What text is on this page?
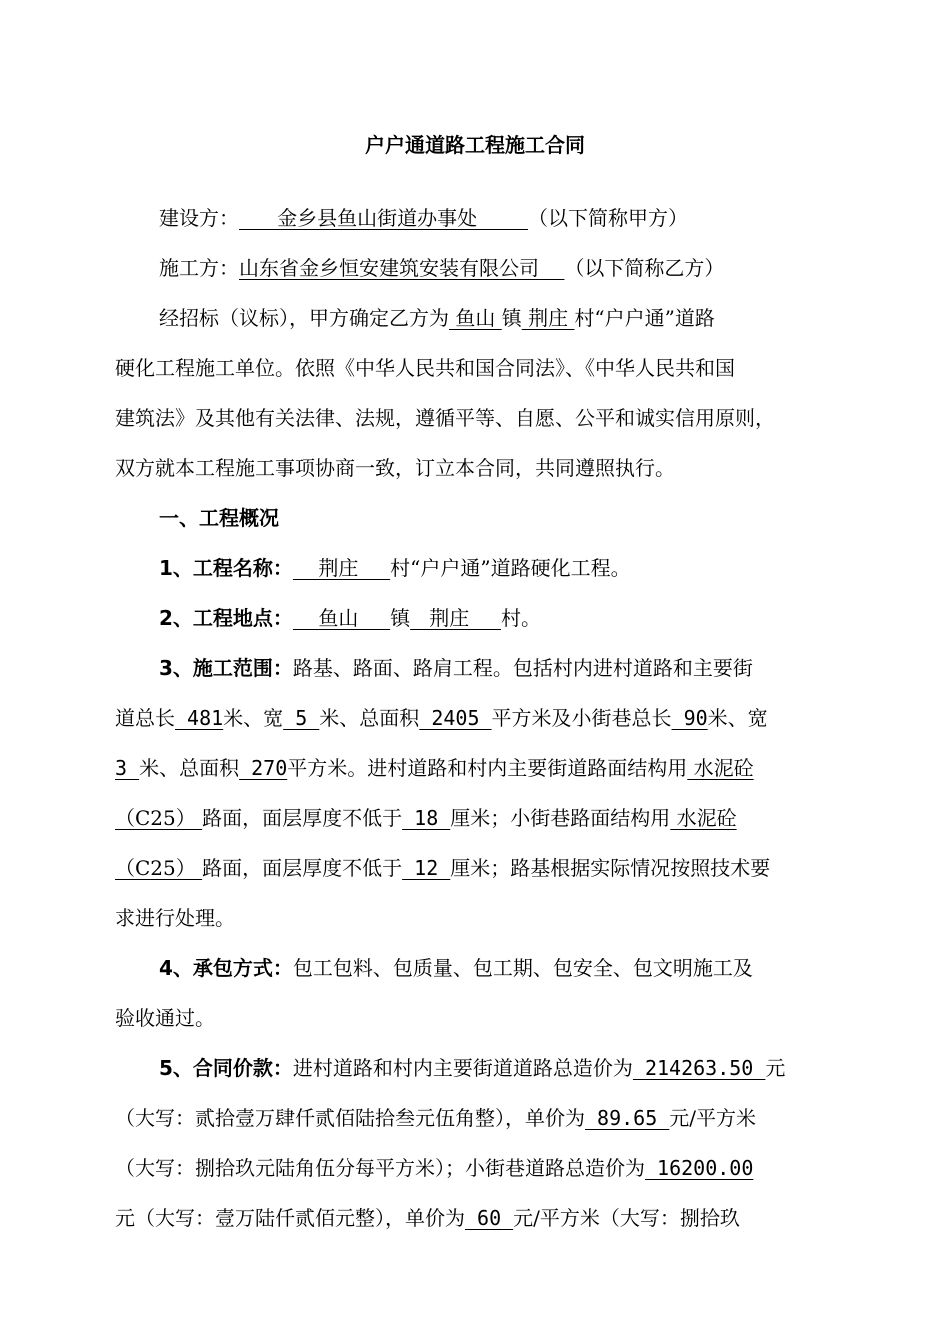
户户通道路工程施工合同
建设方：      金乡县鱼山街道办事处        （以下简称甲方）
施工方：山东省金乡恒安建筑安装有限公司    （以下简称乙方）
经招标（议标），甲方确定乙方为 鱼山 镇 荆庄 村“户户通”道路
硬化工程施工单位。依照《中华人民共和国合同法》、《中华人民共和国
建筑法》及其他有关法律、法规，遵循平等、自愿、公平和诚实信用原则，
双方就本工程施工事项协商一致，订立本合同，共同遵照执行。
一、工程概况
1、工程名称：    荆庄     村“户户通”道路硬化工程。
2、工程地点：    鱼山     镇   荆庄     村。
3、施工范围：路基、路面、路肩工程。包括村内进村道路和主要街
道总长 481米、宽 5 米、总面积 2405 平方米及小街巷总长 90米、宽
3 米、总面积 270平方米。进村道路和村内主要街道路面结构用 水泥砼
（C25） 路面，面层厚度不低于 18 厘米；小街巷路面结构用 水泥砼
（C25） 路面，面层厚度不低于 12 厘米；路基根据实际情况按照技术要
求进行处理。
4、承包方式：包工包料、包质量、包工期、包安全、包文明施工及
验收通过。
5、合同价款：进村道路和村内主要街道道路总造价为 214263.50 元
（大写：贰拾壹万肆仟贰佰陆拾叁元伍角整），单价为 89.65 元/平方米
（大写：捌拾玖元陆角伍分每平方米）；小街巷道路总造价为 16200.00
元（大写：壹万陆仟贰佰元整），单价为 60 元/平方米（大写：捌拾玖
